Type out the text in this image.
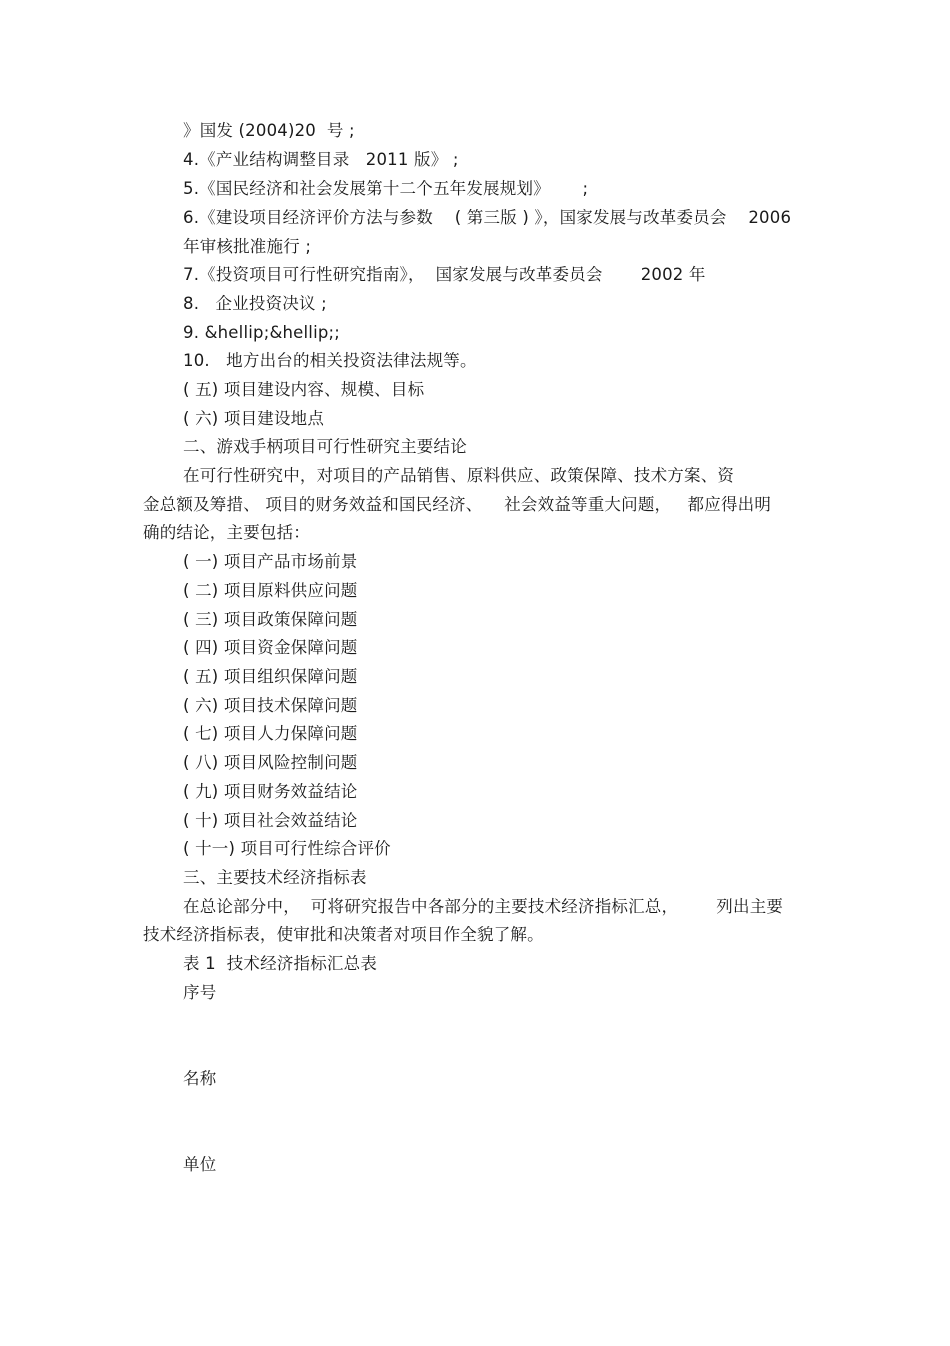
》国发 (2004)20  号 ;
4.《产业结构调整目录   2011 版》 ;
5.《国民经济和社会发展第十二个五年发展规划》      ;
6.《建设项目经济评价方法与参数    ( 第三版 ) 》，国家发展与改革委员会    2006
年审核批准施行 ;
7.《投资项目可行性研究指南》，  国家发展与改革委员会       2002 年
8.   企业投资决议 ;
9. &hellip;&hellip;;
10.   地方出台的相关投资法律法规等。
( 五) 项目建设内容、规模、目标
( 六) 项目建设地点
二、游戏手柄项目可行性研究主要结论
在可行性研究中，对项目的产品销售、原料供应、政策保障、技术方案、资
金总额及筹措、 项目的财务效益和国民经济、    社会效益等重大问题，   都应得出明
确的结论，主要包括：
( 一) 项目产品市场前景
( 二) 项目原料供应问题
( 三) 项目政策保障问题
( 四) 项目资金保障问题
( 五) 项目组织保障问题
( 六) 项目技术保障问题
( 七) 项目人力保障问题
( 八) 项目风险控制问题
( 九) 项目财务效益结论
( 十) 项目社会效益结论
( 十一) 项目可行性综合评价
三、主要技术经济指标表
在总论部分中，  可将研究报告中各部分的主要技术经济指标汇总，       列出主要
技术经济指标表，使审批和决策者对项目作全貌了解。
表 1  技术经济指标汇总表
序号
名称
单位
